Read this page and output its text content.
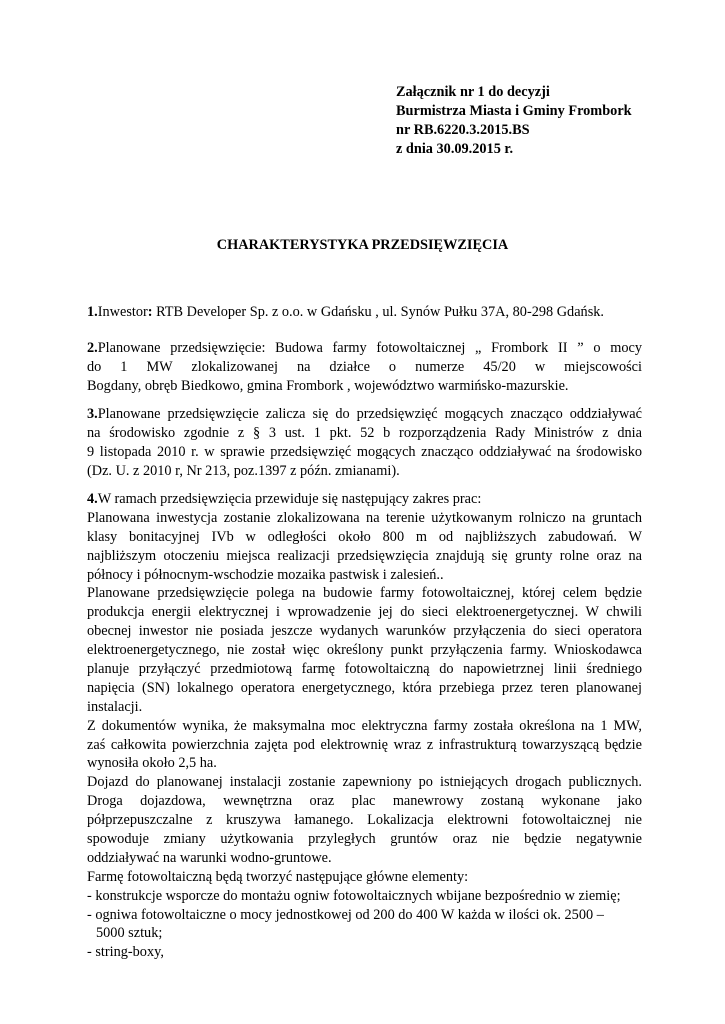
Załącznik nr 1 do decyzji
Burmistrza Miasta i Gminy Frombork
nr RB.6220.3.2015.BS
z dnia 30.09.2015 r.
CHARAKTERYSTYKA PRZEDSIĘWZIĘCIA
1.Inwestor: RTB Developer Sp. z o.o. w Gdańsku , ul. Synów Pułku 37A, 80-298 Gdańsk.
2.Planowane przedsięwzięcie: Budowa farmy fotowoltaicznej „ Frombork II ” o mocy
do 1 MW zlokalizowanej na działce o numerze 45/20 w miejscowości
Bogdany, obręb Biedkowo, gmina Frombork , województwo warmińsko-mazurskie.
3.Planowane przedsięwzięcie zalicza się do przedsięwzięć mogących znacząco oddziaływać
na środowisko zgodnie z § 3 ust. 1 pkt. 52 b rozporządzenia Rady Ministrów z dnia
9 listopada 2010 r. w sprawie przedsięwzięć mogących znacząco oddziaływać na środowisko
(Dz. U. z 2010 r, Nr 213, poz.1397 z późn. zmianami).
4.W ramach przedsięwzięcia przewiduje się następujący zakres prac:
Planowana inwestycja zostanie zlokalizowana na terenie użytkowanym rolniczo na gruntach
klasy bonitacyjnej IVb w odległości około 800 m od najbliższych zabudowań. W
najbliższym otoczeniu miejsca realizacji przedsięwzięcia znajdują się grunty rolne oraz na
północy i północnym-wschodzie mozaika pastwisk i zalesień..
Planowane przedsięwzięcie polega na budowie farmy fotowoltaicznej, której celem będzie
produkcja energii elektrycznej i wprowadzenie jej do sieci elektroenergetycznej. W chwili
obecnej inwestor nie posiada jeszcze wydanych warunków przyłączenia do sieci operatora
elektroenergetycznego, nie został więc określony punkt przyłączenia farmy. Wnioskodawca
planuje przyłączyć przedmiotową farmę fotowoltaiczną do napowietrznej linii średniego
napięcia (SN) lokalnego operatora energetycznego, która przebiega przez teren planowanej
instalacji.
Z dokumentów wynika, że maksymalna moc elektryczna farmy została określona na 1 MW,
zaś całkowita powierzchnia zajęta pod elektrownię wraz z infrastrukturą towarzyszącą będzie
wynosiła około 2,5 ha.
Dojazd do planowanej instalacji zostanie zapewniony po istniejących drogach publicznych.
Droga dojazdowa, wewnętrzna oraz plac manewrowy zostaną wykonane jako
półprzepuszczalne z kruszywa łamanego. Lokalizacja elektrowni fotowoltaicznej nie
spowoduje zmiany użytkowania przyległych gruntów oraz nie będzie negatywnie
oddziaływać na warunki wodno-gruntowe.
Farmę fotowoltaiczną będą tworzyć następujące główne elementy:
- konstrukcje wsporcze do montażu ogniw fotowoltaicznych wbijane bezpośrednio w ziemię;
- ogniwa fotowoltaiczne o mocy jednostkowej od 200 do 400 W każda w ilości ok. 2500 –
5000 sztuk;
- string-boxy,
